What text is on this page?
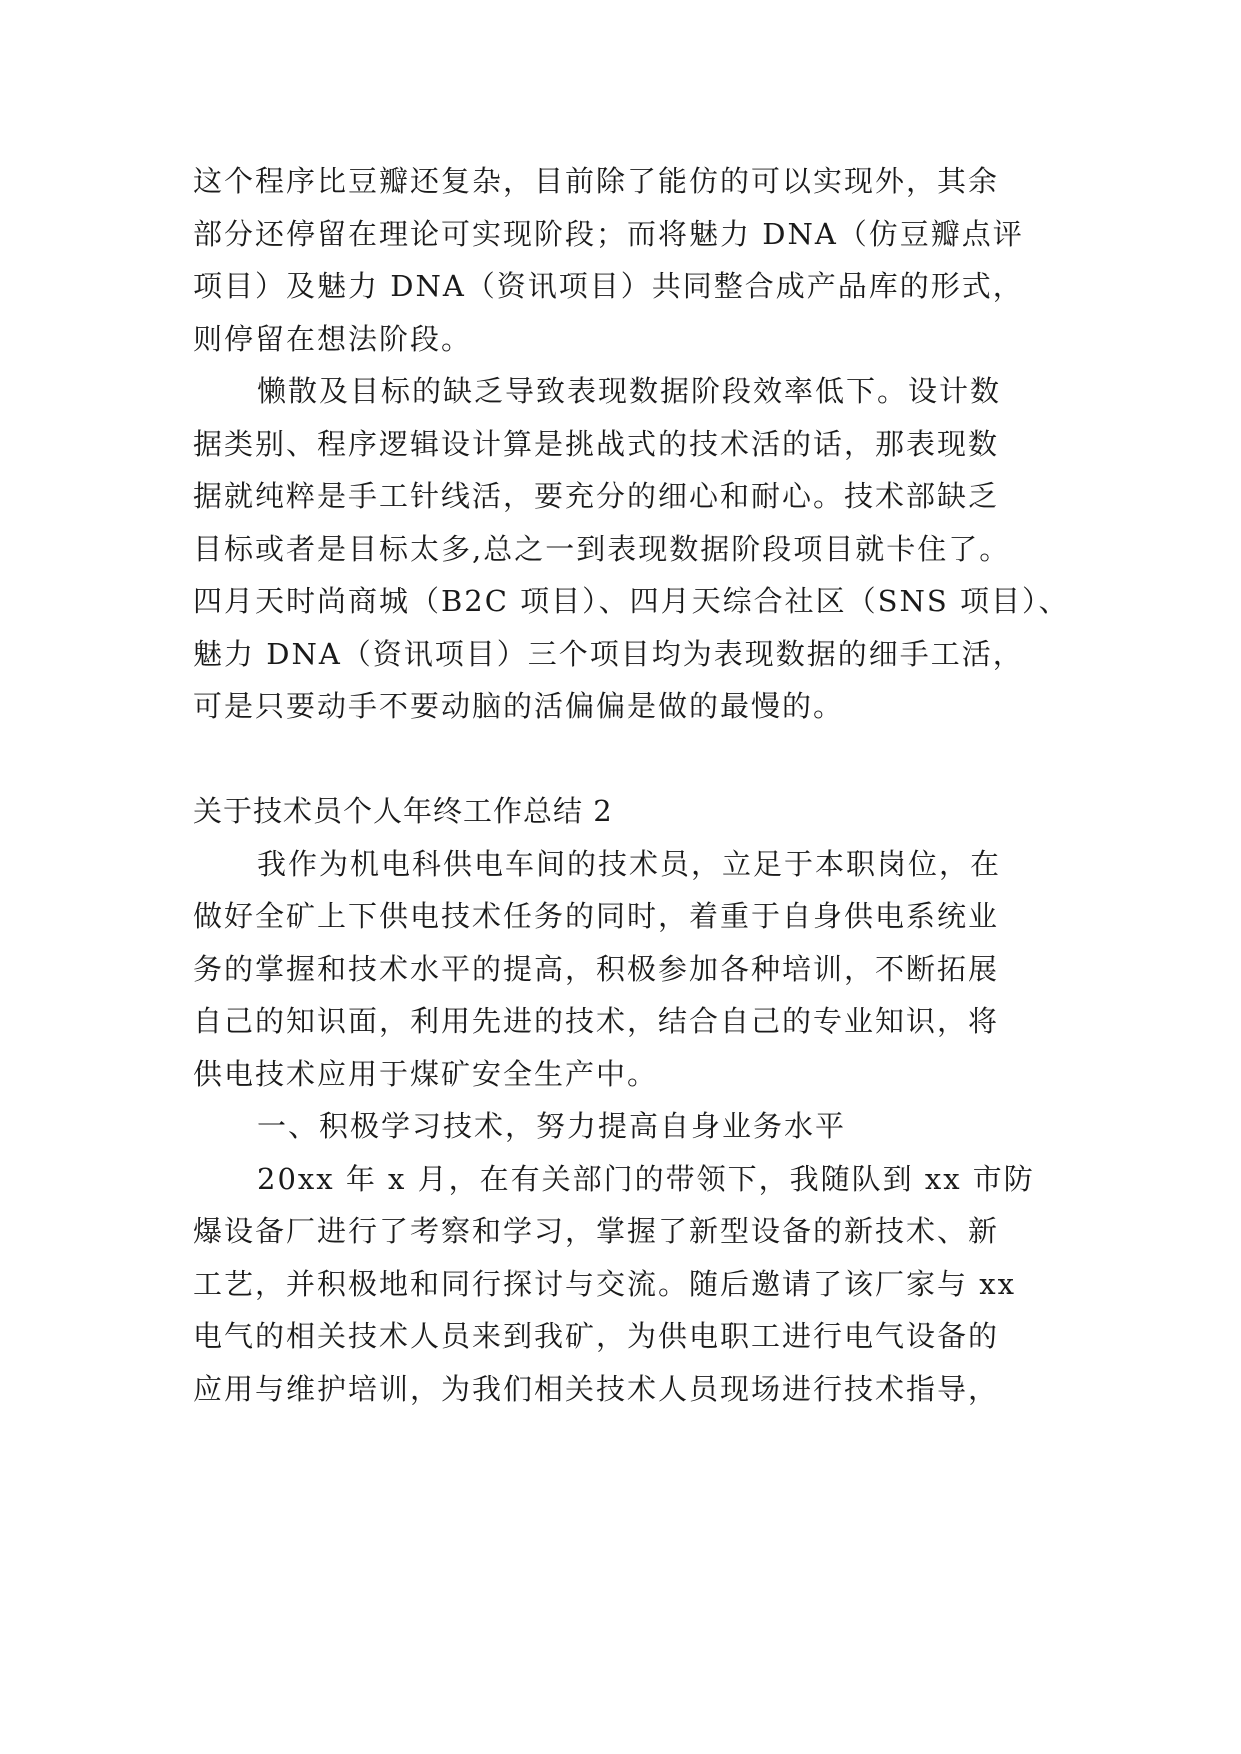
这个程序比豆瓣还复杂，目前除了能仿的可以实现外，其余
部分还停留在理论可实现阶段；而将魅力 DNA（仿豆瓣点评
项目）及魅力 DNA（资讯项目）共同整合成产品库的形式，
则停留在想法阶段。
懒散及目标的缺乏导致表现数据阶段效率低下。设计数
据类别、程序逻辑设计算是挑战式的技术活的话，那表现数
据就纯粹是手工针线活，要充分的细心和耐心。技术部缺乏
目标或者是目标太多,总之一到表现数据阶段项目就卡住了。
四月天时尚商城（B2C 项目）、四月天综合社区（SNS 项目）、
魅力 DNA（资讯项目）三个项目均为表现数据的细手工活，
可是只要动手不要动脑的活偏偏是做的最慢的。
关于技术员个人年终工作总结 2
我作为机电科供电车间的技术员，立足于本职岗位，在
做好全矿上下供电技术任务的同时，着重于自身供电系统业
务的掌握和技术水平的提高，积极参加各种培训，不断拓展
自己的知识面，利用先进的技术，结合自己的专业知识，将
供电技术应用于煤矿安全生产中。
一、积极学习技术，努力提高自身业务水平
20xx 年 x 月，在有关部门的带领下，我随队到 xx 市防
爆设备厂进行了考察和学习，掌握了新型设备的新技术、新
工艺，并积极地和同行探讨与交流。随后邀请了该厂家与 xx
电气的相关技术人员来到我矿，为供电职工进行电气设备的
应用与维护培训，为我们相关技术人员现场进行技术指导，
